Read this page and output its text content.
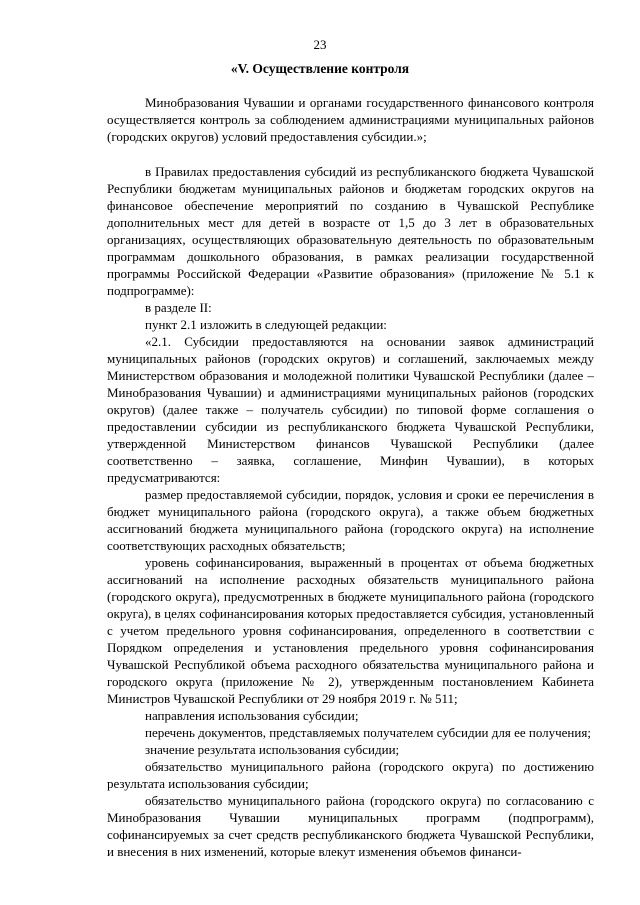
23
«V. Осуществление контроля

Минобразования Чувашии и органами государственного финансового контроля осуществляется контроль за соблюдением администрациями муниципальных районов (городских округов) условий предоставления субсидии.»;

в Правилах предоставления субсидий из республиканского бюджета Чувашской Республики бюджетам муниципальных районов и бюджетам городских округов на финансовое обеспечение мероприятий по созданию в Чувашской Республике дополнительных мест для детей в возрасте от 1,5 до 3 лет в образовательных организациях, осуществляющих образовательную деятельность по образовательным программам дошкольного образования, в рамках реализации государственной программы Российской Федерации «Развитие образования» (приложение № 5.1 к подпрограмме):

в разделе II:

пункт 2.1 изложить в следующей редакции:

«2.1. Субсидии предоставляются на основании заявок администраций муниципальных районов (городских округов) и соглашений, заключаемых между Министерством образования и молодежной политики Чувашской Республики (далее – Минобразования Чувашии) и администрациями муниципальных районов (городских округов) (далее также – получатель субсидии) по типовой форме соглашения о предоставлении субсидии из республиканского бюджета Чувашской Республики, утвержденной Министерством финансов Чувашской Республики (далее соответственно – заявка, соглашение, Минфин Чувашии), в которых предусматриваются:

размер предоставляемой субсидии, порядок, условия и сроки ее перечисления в бюджет муниципального района (городского округа), а также объем бюджетных ассигнований бюджета муниципального района (городского округа) на исполнение соответствующих расходных обязательств;

уровень софинансирования, выраженный в процентах от объема бюджетных ассигнований на исполнение расходных обязательств муниципального района (городского округа), предусмотренных в бюджете муниципального района (городского округа), в целях софинансирования которых предоставляется субсидия, установленный с учетом предельного уровня софинансирования, определенного в соответствии с Порядком определения и установления предельного уровня софинансирования Чувашской Республикой объема расходного обязательства муниципального района и городского округа (приложение № 2), утвержденным постановлением Кабинета Министров Чувашской Республики от 29 ноября 2019 г. № 511;

направления использования субсидии;

перечень документов, представляемых получателем субсидии для ее получения;

значение результата использования субсидии;

обязательство муниципального района (городского округа) по достижению результата использования субсидии;

обязательство муниципального района (городского округа) по согласованию с Минобразования Чувашии муниципальных программ (подпрограмм), софинансируемых за счет средств республиканского бюджета Чувашской Республики, и внесения в них изменений, которые влекут изменения объемов финанси-
